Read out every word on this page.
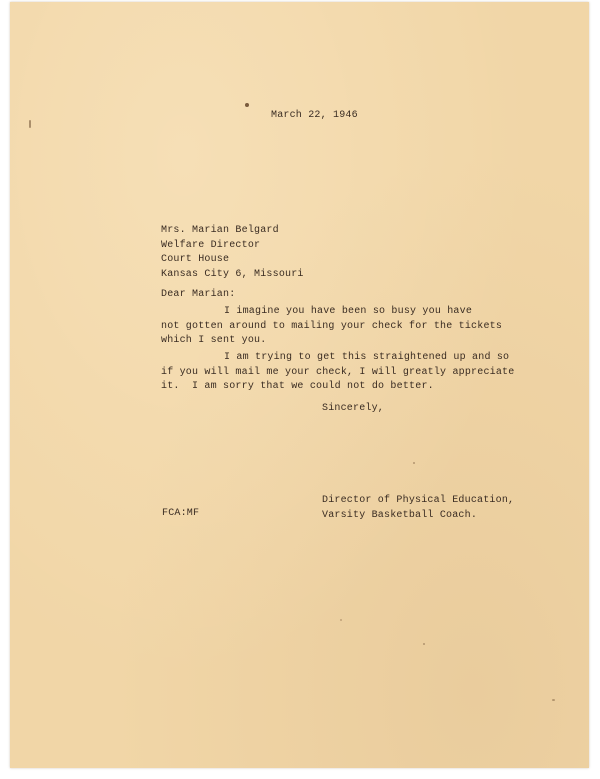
March 22, 1946
Mrs. Marian Belgard
Welfare Director
Court House
Kansas City 6, Missouri
Dear Marian:
I imagine you have been so busy you have
not gotten around to mailing your check for the tickets
which I sent you.
I am trying to get this straightened up and so
if you will mail me your check, I will greatly appreciate
it.  I am sorry that we could not do better.
Sincerely,
Director of Physical Education,
Varsity Basketball Coach.
FCA:MF
